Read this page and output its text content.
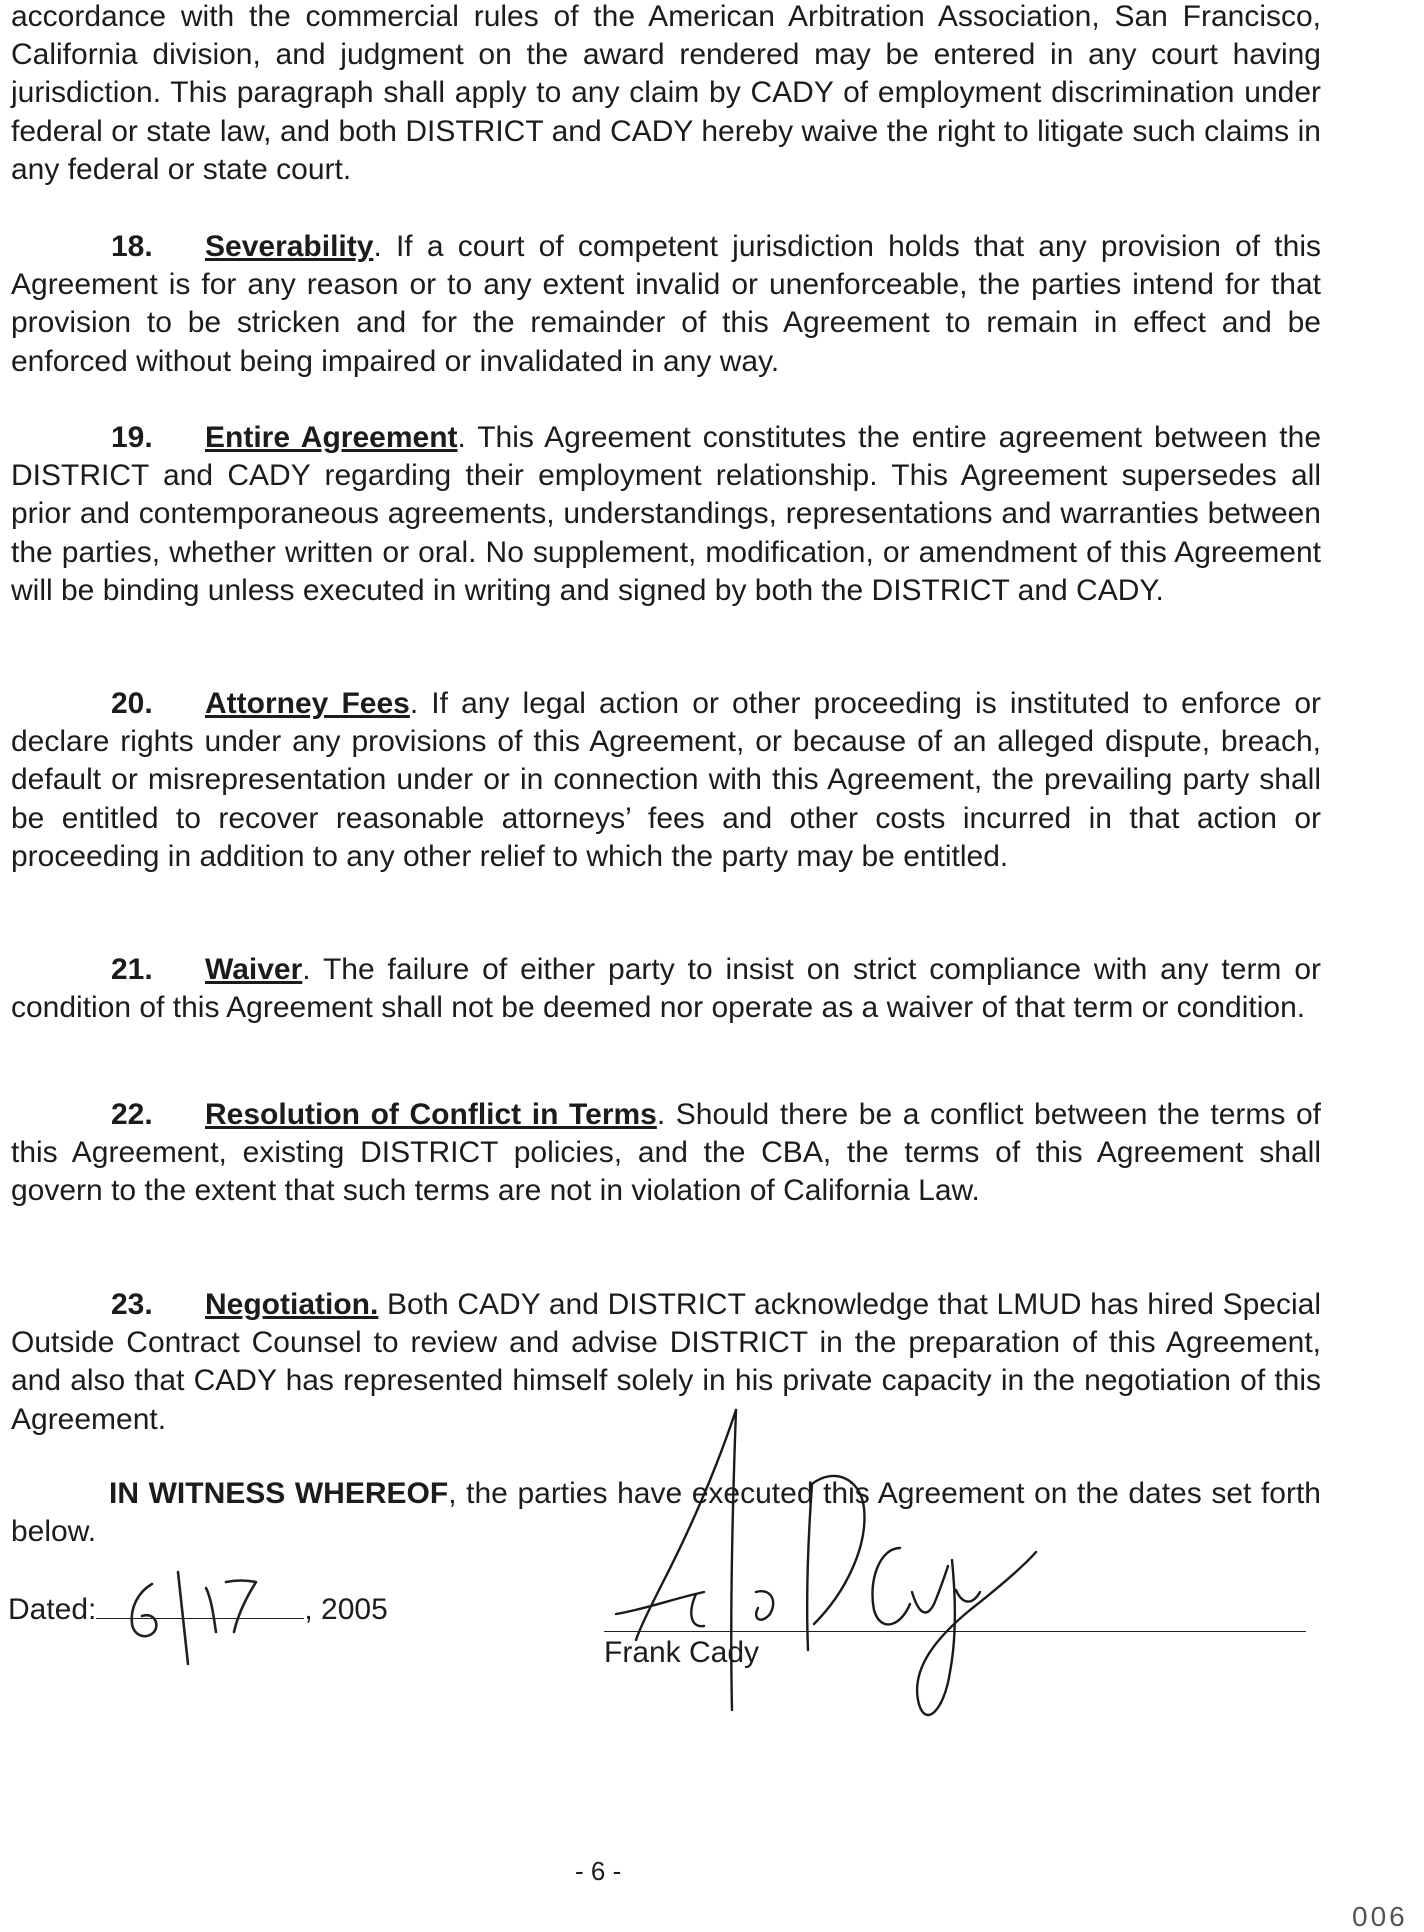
accordance with the commercial rules of the American Arbitration Association, San Francisco, California division, and judgment on the award rendered may be entered in any court having jurisdiction. This paragraph shall apply to any claim by CADY of employment discrimination under federal or state law, and both DISTRICT and CADY hereby waive the right to litigate such claims in any federal or state court.

18. Severability. If a court of competent jurisdiction holds that any provision of this Agreement is for any reason or to any extent invalid or unenforceable, the parties intend for that provision to be stricken and for the remainder of this Agreement to remain in effect and be enforced without being impaired or invalidated in any way.

19. Entire Agreement. This Agreement constitutes the entire agreement between the DISTRICT and CADY regarding their employment relationship. This Agreement supersedes all prior and contemporaneous agreements, understandings, representations and warranties between the parties, whether written or oral. No supplement, modification, or amendment of this Agreement will be binding unless executed in writing and signed by both the DISTRICT and CADY.

20. Attorney Fees. If any legal action or other proceeding is instituted to enforce or declare rights under any provisions of this Agreement, or because of an alleged dispute, breach, default or misrepresentation under or in connection with this Agreement, the prevailing party shall be entitled to recover reasonable attorneys’ fees and other costs incurred in that action or proceeding in addition to any other relief to which the party may be entitled.

21. Waiver. The failure of either party to insist on strict compliance with any term or condition of this Agreement shall not be deemed nor operate as a waiver of that term or condition.

22. Resolution of Conflict in Terms. Should there be a conflict between the terms of this Agreement, existing DISTRICT policies, and the CBA, the terms of this Agreement shall govern to the extent that such terms are not in violation of California Law.

23. Negotiation. Both CADY and DISTRICT acknowledge that LMUD has hired Special Outside Contract Counsel to review and advise DISTRICT in the preparation of this Agreement, and also that CADY has represented himself solely in his private capacity in the negotiation of this Agreement.

IN WITNESS WHEREOF, the parties have executed this Agreement on the dates set forth below.

Dated:	, 2005
Frank Cady
- 6 -
006
